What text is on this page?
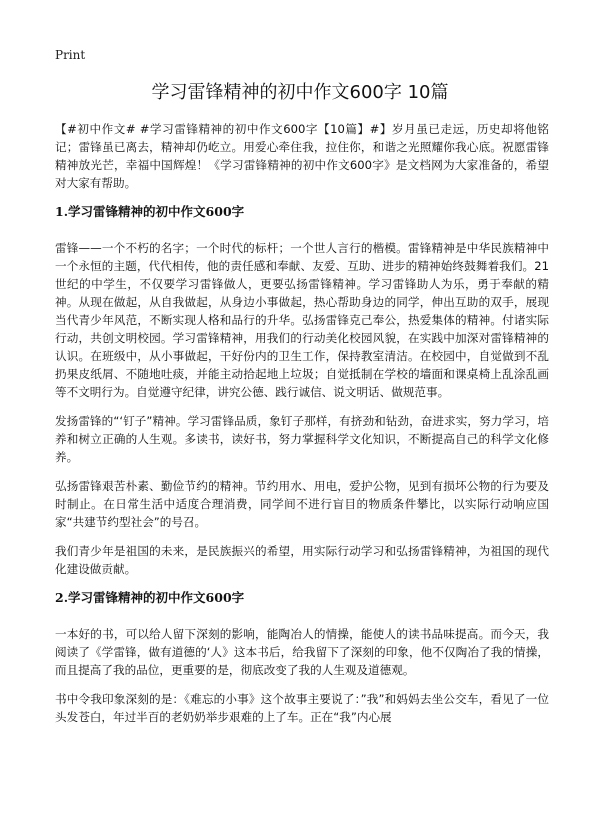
Print
学习雷锋精神的初中作文600字 10篇

【#初中作文# #学习雷锋精神的初中作文600字【10篇】#】岁月虽已走远，历史却将他铭记；雷锋虽已离去，精神却仍屹立。用爱心牵住我，拉住你，和谐之光照耀你我心底。祝愿雷锋精神放光芒，幸福中国辉煌！《学习雷锋精神的初中作文600字》是文档网为大家准备的，希望对大家有帮助。

1.学习雷锋精神的初中作文600字

雷锋——一个不朽的名字；一个时代的标杆；一个世人言行的楷模。雷锋精神是中华民族精神中一个永恒的主题，代代相传，他的责任感和奉献、友爱、互助、进步的精神始终鼓舞着我们。21世纪的中学生，不仅要学习雷锋做人，更要弘扬雷锋精神。学习雷锋助人为乐，勇于奉献的精神。从现在做起，从自我做起，从身边小事做起，热心帮助身边的同学，伸出互助的双手，展现当代青少年风范，不断实现人格和品行的升华。弘扬雷锋克己奉公，热爱集体的精神。付诸实际行动，共创文明校园。学习雷锋精神，用我们的行动美化校园风貌，在实践中加深对雷锋精神的认识。在班级中，从小事做起，干好份内的卫生工作，保持教室清洁。在校园中，自觉做到不乱扔果皮纸屑、不随地吐痰，并能主动拾起地上垃圾；自觉抵制在学校的墙面和课桌椅上乱涂乱画等不文明行为。自觉遵守纪律，讲究公德、践行诚信、说文明话、做规范事。

发扬雷锋的“‘钉子”精神。学习雷锋品质，象钉子那样，有挤劲和钻劲，奋进求实，努力学习，培养和树立正确的人生观。多读书，读好书，努力掌握科学文化知识，不断提高自己的科学文化修养。

弘扬雷锋艰苦朴素、勤俭节约的精神。节约用水、用电，爱护公物，见到有损坏公物的行为要及时制止。在日常生活中适度合理消费，同学间不进行盲目的物质条件攀比，以实际行动响应国家“共建节约型社会”的号召。

我们青少年是祖国的未来，是民族振兴的希望，用实际行动学习和弘扬雷锋精神，为祖国的现代化建设做贡献。

2.学习雷锋精神的初中作文600字

一本好的书，可以给人留下深刻的影响，能陶冶人的情操，能使人的读书品味提高。而今天，我阅读了《学雷锋，做有道德的‘人》这本书后，给我留下了深刻的印象，他不仅陶冶了我的情操，而且提高了我的品位，更重要的是，彻底改变了我的人生观及道德观。

书中令我印象深刻的是：《难忘的小事》这个故事主要说了：”我”和妈妈去坐公交车，看见了一位头发苍白，年过半百的老奶奶举步艰难的上了车。正在“我”内心展
